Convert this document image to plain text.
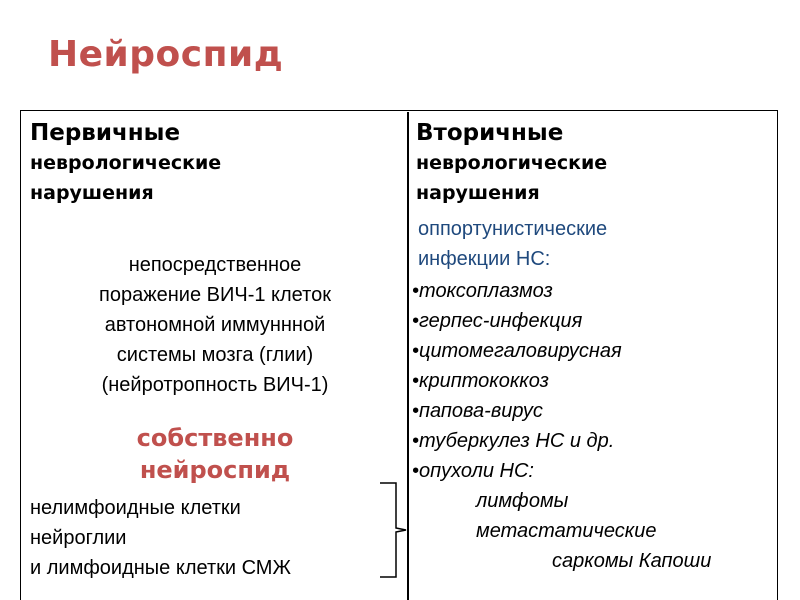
Нейроспид
Первичные
неврологические
нарушения
непосредственное
поражение ВИЧ-1 клеток
автономной иммуннной
системы мозга (глии)
(нейротропность ВИЧ-1)
собственно
нейроспид
нелимфоидные клетки
нейроглии
и лимфоидные клетки СМЖ
Вторичные
неврологические
нарушения
оппортунистические
инфекции НС:
•токсоплазмоз
•герпес-инфекция
•цитомегаловирусная
•криптококкоз
•папова-вирус
•туберкулез НС и др.
•опухоли НС:
лимфомы
метастатические
саркомы Капоши
